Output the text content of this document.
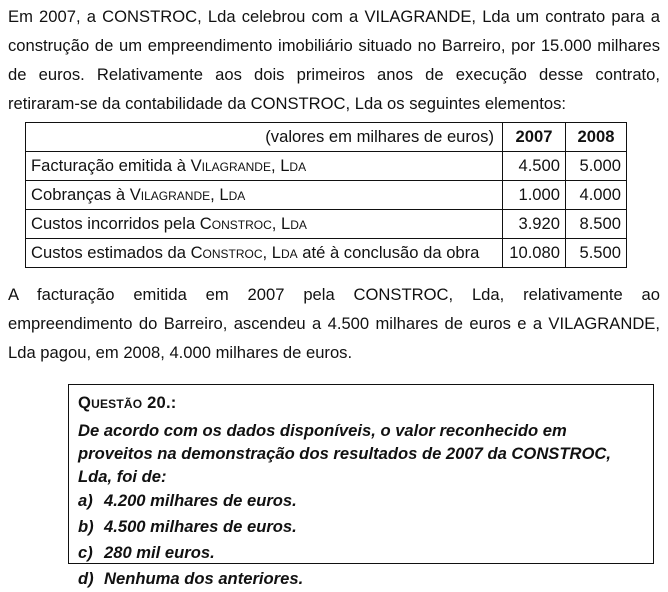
Em 2007, a CONSTROC, Lda celebrou com a VILAGRANDE, Lda um contrato para a construção de um empreendimento imobiliário situado no Barreiro, por 15.000 milhares de euros. Relativamente aos dois primeiros anos de execução desse contrato, retiraram-se da contabilidade da CONSTROC, Lda os seguintes elementos:
(valores em milhares de euros)	2007	2008
Facturação emitida à Vilagrande, Lda	4.500	5.000
Cobranças à Vilagrande, Lda	1.000	4.000
Custos incorridos pela Constroc, Lda	3.920	8.500
Custos estimados da Constroc, Lda até à conclusão da obra	10.080	5.500
A facturação emitida em 2007 pela CONSTROC, Lda, relativamente ao empreendimento do Barreiro, ascendeu a 4.500 milhares de euros e a VILAGRANDE, Lda pagou, em 2008, 4.000 milhares de euros.
Questão 20.:
De acordo com os dados disponíveis, o valor reconhecido em proveitos na demonstração dos resultados de 2007 da CONSTROC, Lda, foi de:
a) 4.200 milhares de euros.
b) 4.500 milhares de euros.
c) 280 mil euros.
d) Nenhuma dos anteriores.
